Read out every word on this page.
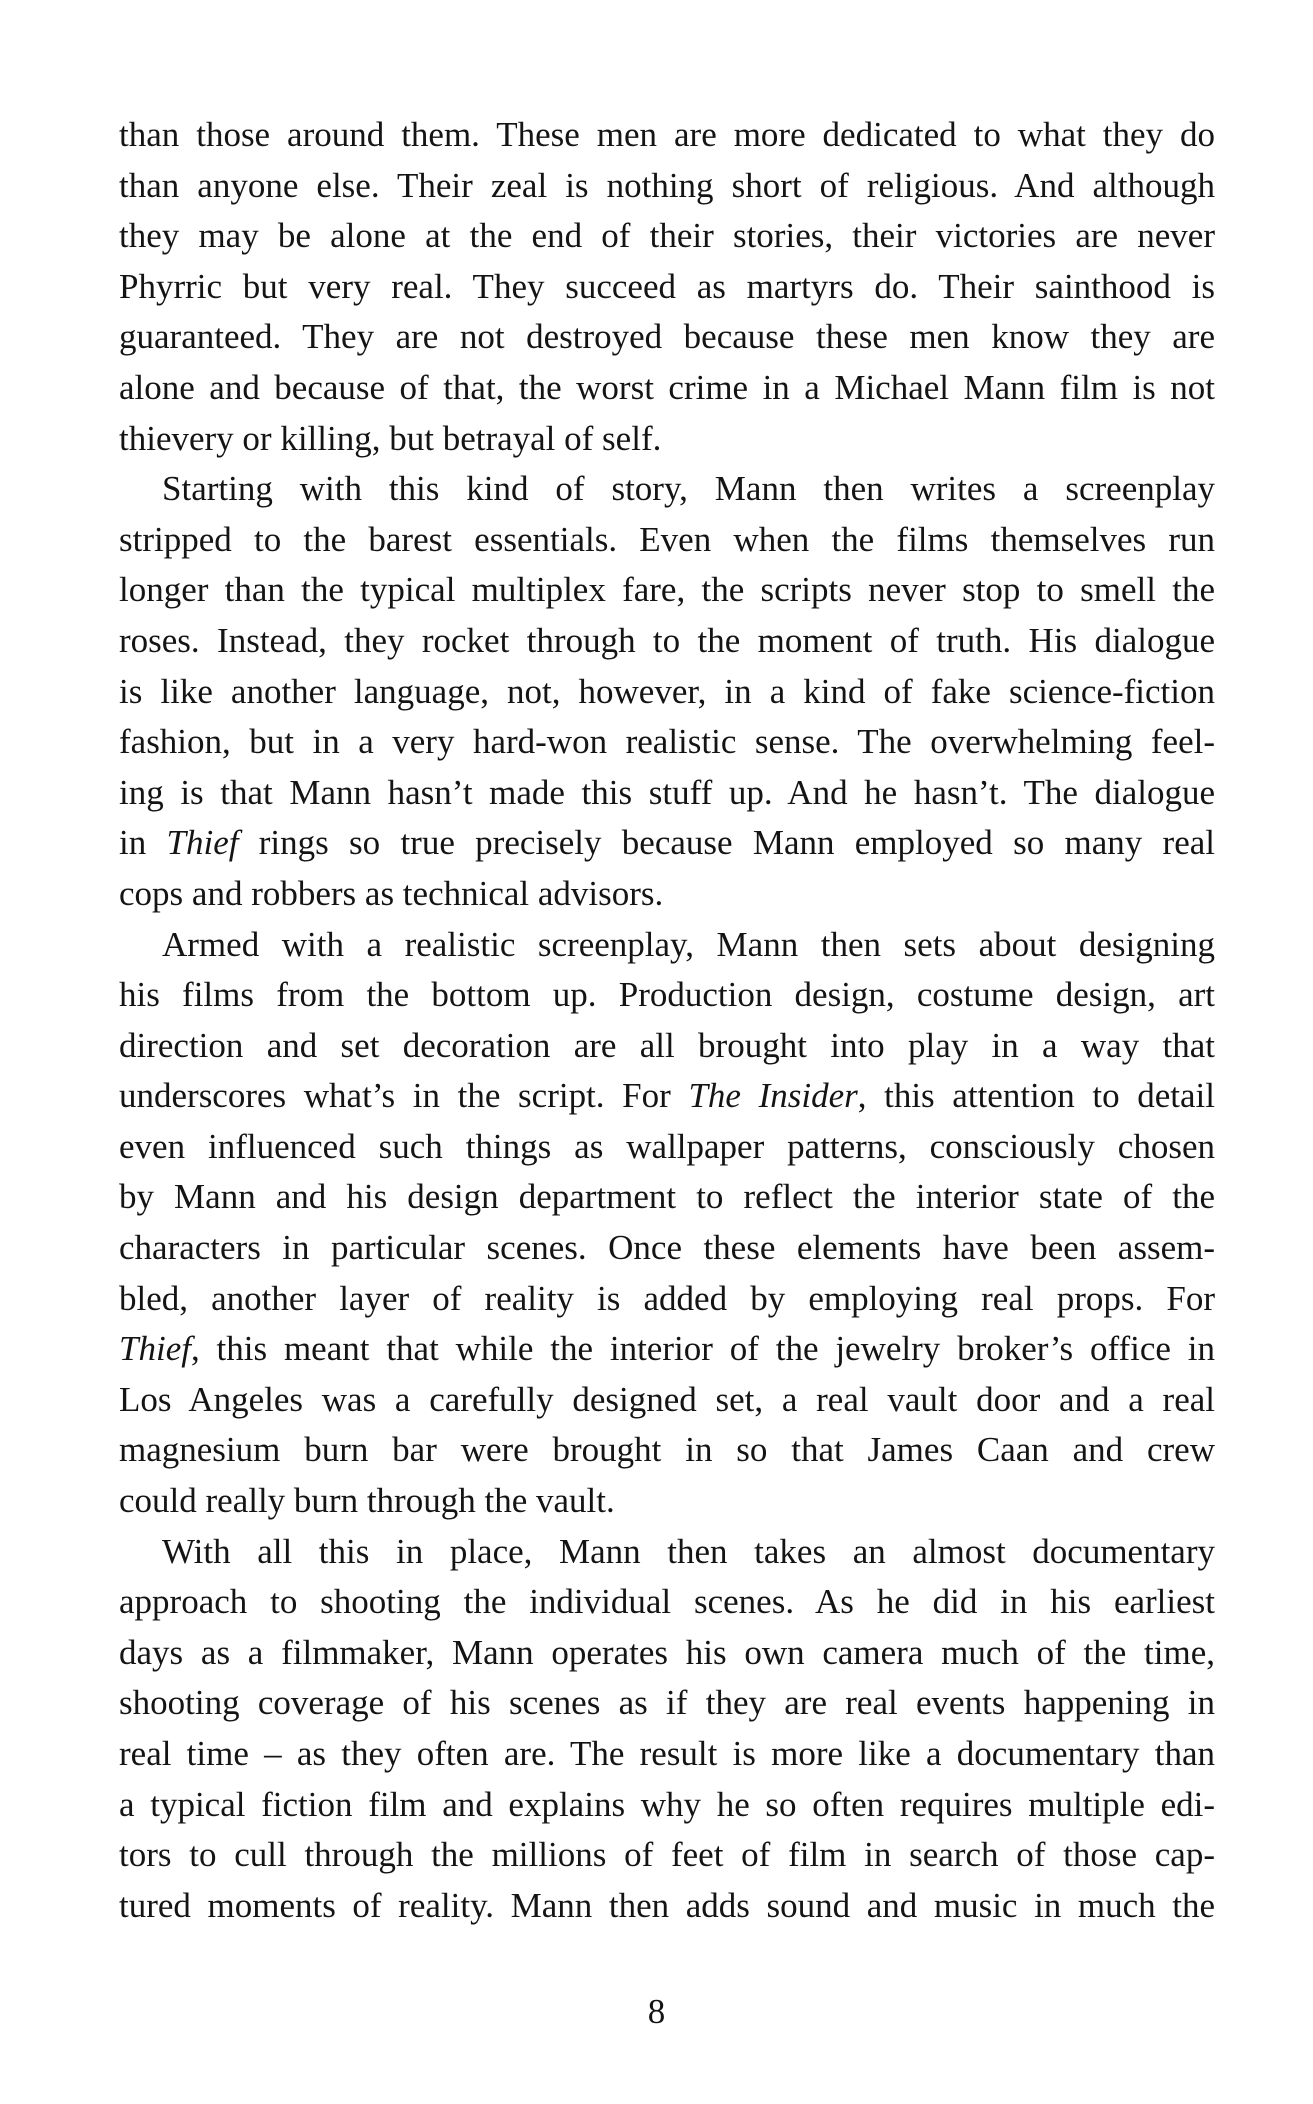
than those around them. These men are more dedicated to what they do
than anyone else. Their zeal is nothing short of religious. And although
they may be alone at the end of their stories, their victories are never
Phyrric but very real. They succeed as martyrs do. Their sainthood is
guaranteed. They are not destroyed because these men know they are
alone and because of that, the worst crime in a Michael Mann film is not
thievery or killing, but betrayal of self.
Starting with this kind of story, Mann then writes a screenplay
stripped to the barest essentials. Even when the films themselves run
longer than the typical multiplex fare, the scripts never stop to smell the
roses. Instead, they rocket through to the moment of truth. His dialogue
is like another language, not, however, in a kind of fake science-fiction
fashion, but in a very hard-won realistic sense. The overwhelming feel-
ing is that Mann hasn’t made this stuff up. And he hasn’t. The dialogue
in Thief rings so true precisely because Mann employed so many real
cops and robbers as technical advisors.
Armed with a realistic screenplay, Mann then sets about designing
his films from the bottom up. Production design, costume design, art
direction and set decoration are all brought into play in a way that
underscores what’s in the script. For The Insider, this attention to detail
even influenced such things as wallpaper patterns, consciously chosen
by Mann and his design department to reflect the interior state of the
characters in particular scenes. Once these elements have been assem-
bled, another layer of reality is added by employing real props. For
Thief, this meant that while the interior of the jewelry broker’s office in
Los Angeles was a carefully designed set, a real vault door and a real
magnesium burn bar were brought in so that James Caan and crew
could really burn through the vault.
With all this in place, Mann then takes an almost documentary
approach to shooting the individual scenes. As he did in his earliest
days as a filmmaker, Mann operates his own camera much of the time,
shooting coverage of his scenes as if they are real events happening in
real time – as they often are. The result is more like a documentary than
a typical fiction film and explains why he so often requires multiple edi-
tors to cull through the millions of feet of film in search of those cap-
tured moments of reality. Mann then adds sound and music in much the
8
